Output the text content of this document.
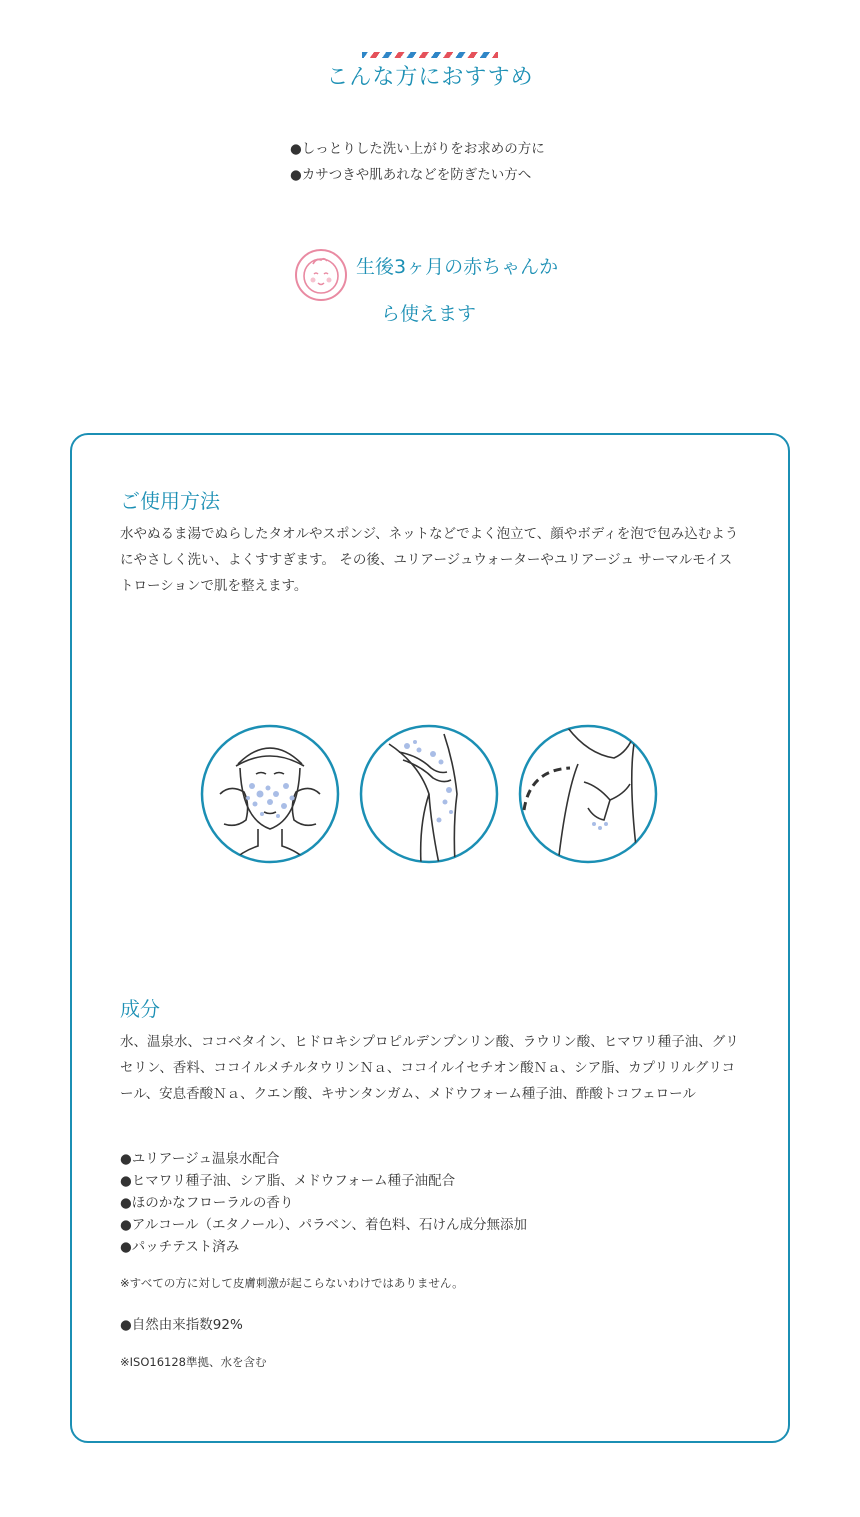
こんな方におすすめ
●しっとりした洗い上がりをお求めの方に
●カサつきや肌あれなどを防ぎたい方へ
生後3ヶ月の赤ちゃんか
ら使えます
ご使用方法
水やぬるま湯でぬらしたタオルやスポンジ、ネットなどでよく泡立て、顔やボディを泡で包み込むようにやさしく洗い、よくすすぎます。 その後、ユリアージュウォーターやユリアージュ サーマルモイストローションで肌を整えます。
成分
水、温泉水、ココベタイン、ヒドロキシプロピルデンプンリン酸、ラウリン酸、ヒマワリ種子油、グリセリン、香料、ココイルメチルタウリンＮａ、ココイルイセチオン酸Ｎａ、シア脂、カプリリルグリコール、安息香酸Ｎａ、クエン酸、キサンタンガム、メドウフォーム種子油、酢酸トコフェロール
●ユリアージュ温泉水配合
●ヒマワリ種子油、シア脂、メドウフォーム種子油配合
●ほのかなフローラルの香り
●アルコール（エタノール）、パラベン、着色料、石けん成分無添加
●パッチテスト済み
※すべての方に対して皮膚刺激が起こらないわけではありません。
●自然由来指数92%
※ISO16128準拠、水を含む
